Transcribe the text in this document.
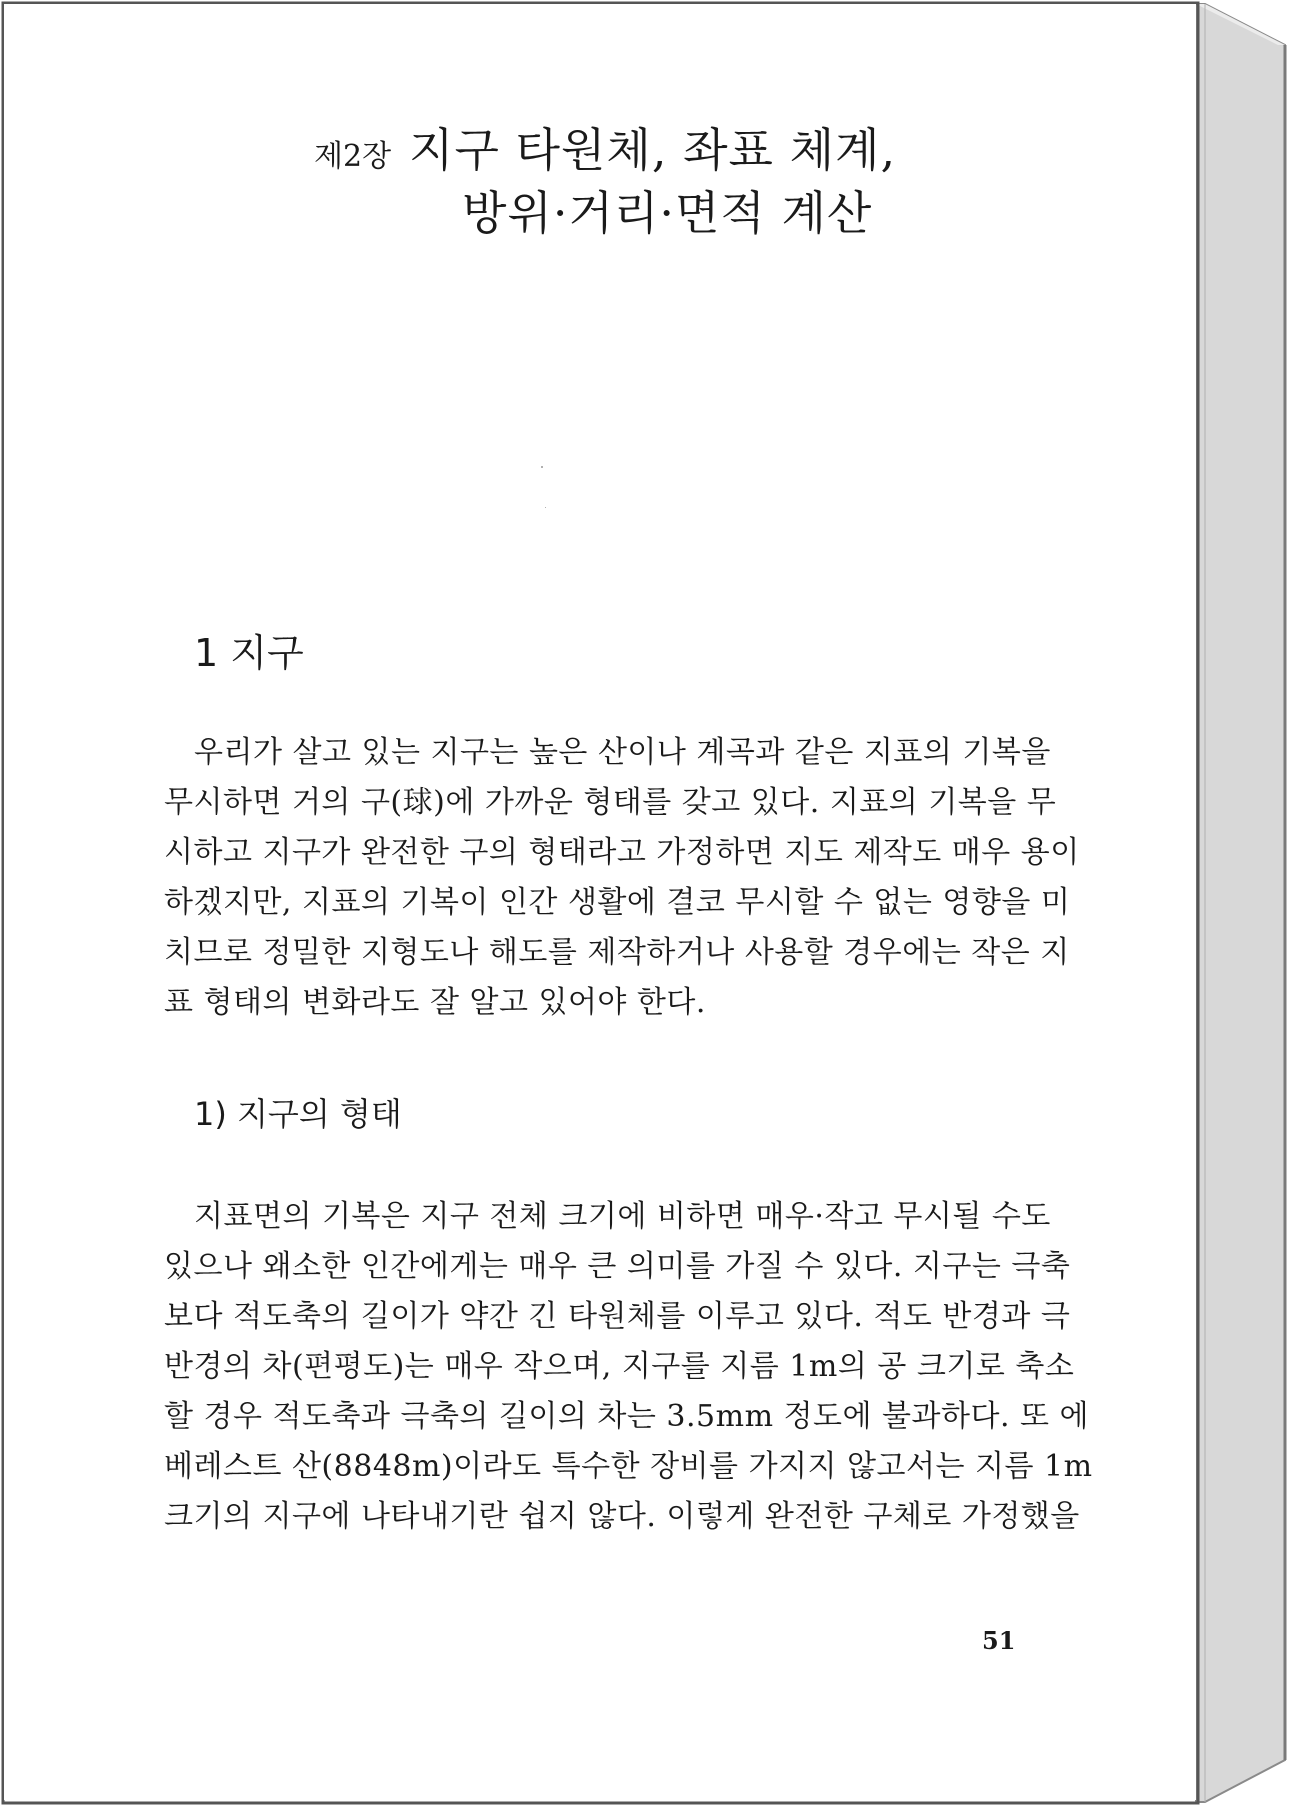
제2장 지구 타원체, 좌표 체계,
방위·거리·면적 계산
1 지구
우리가 살고 있는 지구는 높은 산이나 계곡과 같은 지표의 기복을
무시하면 거의 구(球)에 가까운 형태를 갖고 있다. 지표의 기복을 무
시하고 지구가 완전한 구의 형태라고 가정하면 지도 제작도 매우 용이
하겠지만, 지표의 기복이 인간 생활에 결코 무시할 수 없는 영향을 미
치므로 정밀한 지형도나 해도를 제작하거나 사용할 경우에는 작은 지
표 형태의 변화라도 잘 알고 있어야 한다.
1) 지구의 형태
지표면의 기복은 지구 전체 크기에 비하면 매우·작고 무시될 수도
있으나 왜소한 인간에게는 매우 큰 의미를 가질 수 있다. 지구는 극축
보다 적도축의 길이가 약간 긴 타원체를 이루고 있다. 적도 반경과 극
반경의 차(편평도)는 매우 작으며, 지구를 지름 1m의 공 크기로 축소
할 경우 적도축과 극축의 길이의 차는 3.5mm 정도에 불과하다. 또 에
베레스트 산(8848m)이라도 특수한 장비를 가지지 않고서는 지름 1m
크기의 지구에 나타내기란 쉽지 않다. 이렇게 완전한 구체로 가정했을
51
